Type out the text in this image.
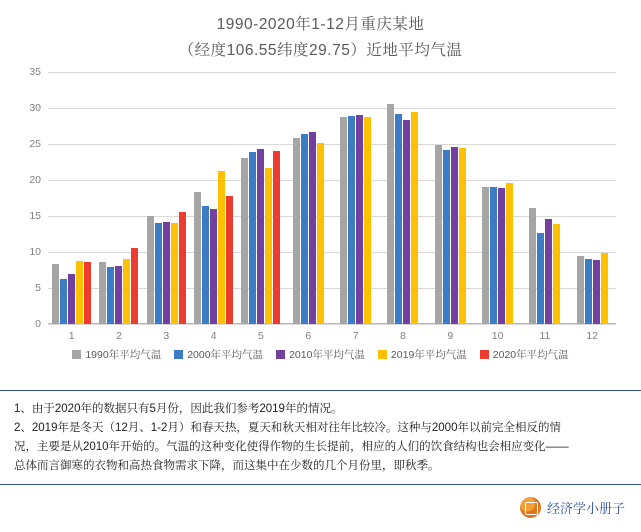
1990-2020年1-12月重庆某地
（经度106.55纬度29.75）近地平均气温
0
5
10
15
20
25
30
35
1	2	3	4	5	6	7	8	9	10	11	12
1990年平均气温 2000年平均气温 2010年平均气温 2019年平均气温 2020年平均气温
1、由于2020年的数据只有5月份，因此我们参考2019年的情况。
2、2019年是冬天（12月、1-2月）和春天热，夏天和秋天相对往年比较冷。这种与2000年以前完全相反的情
况，主要是从2010年开始的。气温的这种变化使得作物的生长提前，相应的人们的饮食结构也会相应变化——
总体而言御寒的衣物和高热食物需求下降，而这集中在少数的几个月份里，即秋季。
经济学小册子
